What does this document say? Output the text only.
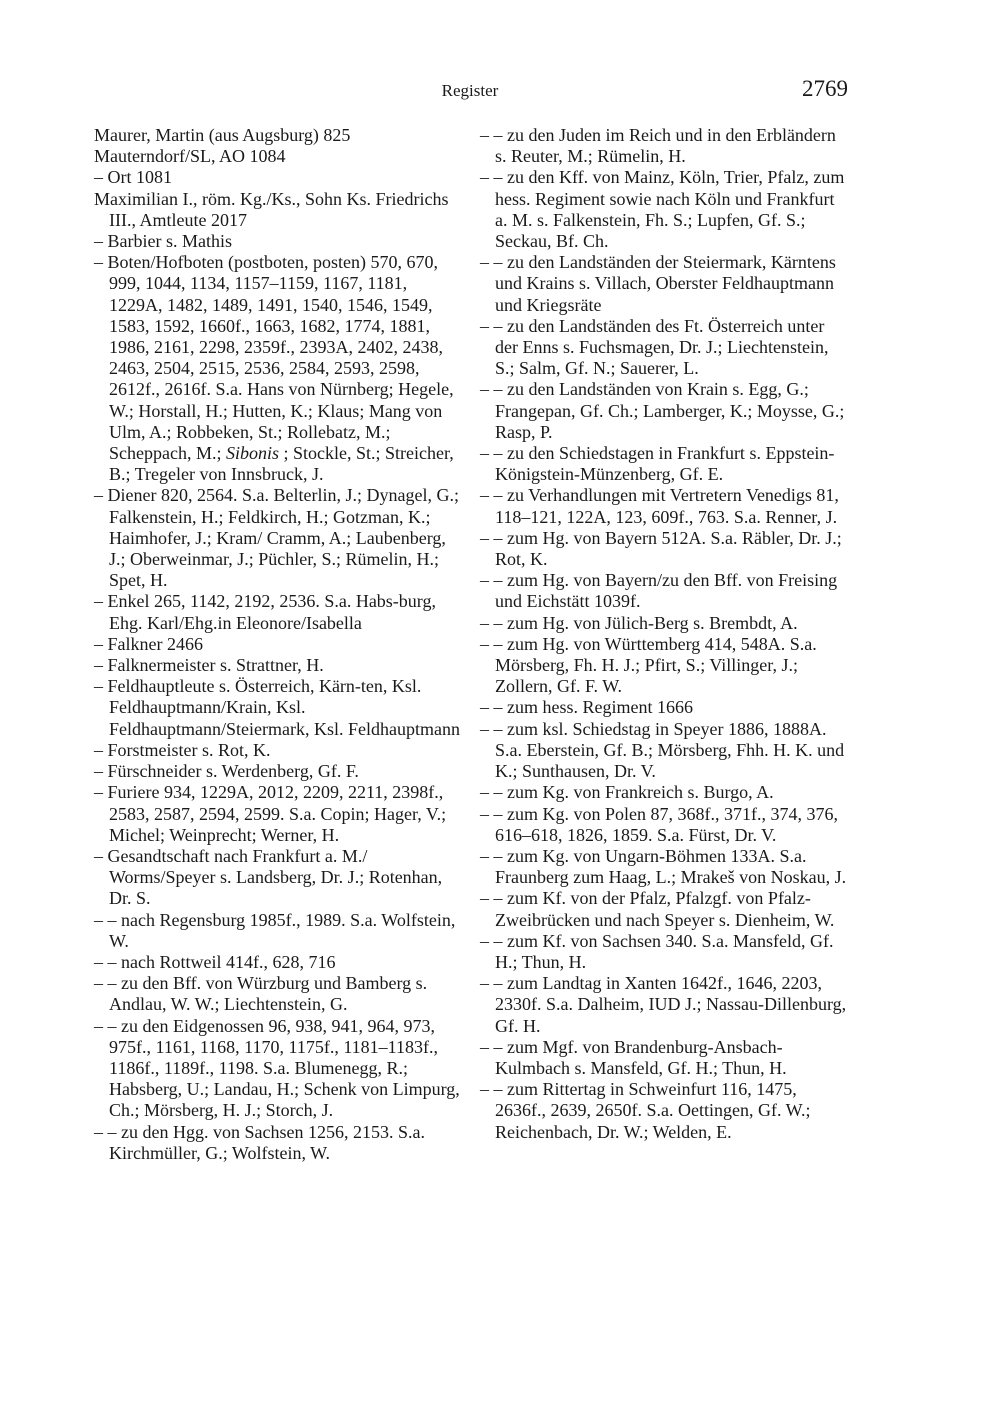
Register	2769
Maurer, Martin (aus Augsburg) 825
Mauterndorf/SL, AO 1084
– Ort 1081
Maximilian I., röm. Kg./Ks., Sohn Ks. Friedrichs III., Amtleute 2017
– Barbier s. Mathis
– Boten/Hofboten (postboten, posten) 570, 670, 999, 1044, 1134, 1157–1159, 1167, 1181, 1229A, 1482, 1489, 1491, 1540, 1546, 1549, 1583, 1592, 1660f., 1663, 1682, 1774, 1881, 1986, 2161, 2298, 2359f., 2393A, 2402, 2438, 2463, 2504, 2515, 2536, 2584, 2593, 2598, 2612f., 2616f. S.a. Hans von Nürnberg; Hegele, W.; Horstall, H.; Hutten, K.; Klaus; Mang von Ulm, A.; Robbeken, St.; Rollebatz, M.; Scheppach, M.; Sibonis ; Stockle, St.; Streicher, B.; Tregeler von Innsbruck, J.
– Diener 820, 2564. S.a. Belterlin, J.; Dynagel, G.; Falkenstein, H.; Feldkirch, H.; Gotzman, K.; Haimhofer, J.; Kram/ Cramm, A.; Laubenberg, J.; Oberweinmar, J.; Püchler, S.; Rümelin, H.; Spet, H.
– Enkel 265, 1142, 2192, 2536. S.a. Habs-burg, Ehg. Karl/Ehg.in Eleonore/Isabella
– Falkner 2466
– Falknermeister s. Strattner, H.
– Feldhauptleute s. Österreich, Kärn-ten, Ksl. Feldhauptmann/Krain, Ksl. Feldhauptmann/Steiermark, Ksl. Feldhauptmann
– Forstmeister s. Rot, K.
– Fürschneider s. Werdenberg, Gf. F.
– Furiere 934, 1229A, 2012, 2209, 2211, 2398f., 2583, 2587, 2594, 2599. S.a. Copin; Hager, V.; Michel; Weinprecht; Werner, H.
– Gesandtschaft nach Frankfurt a. M./ Worms/Speyer s. Landsberg, Dr. J.; Rotenhan, Dr. S.
– – nach Regensburg 1985f., 1989. S.a. Wolfstein, W.
– – nach Rottweil 414f., 628, 716
– – zu den Bff. von Würzburg und Bamberg s. Andlau, W. W.; Liechtenstein, G.
– – zu den Eidgenossen 96, 938, 941, 964, 973, 975f., 1161, 1168, 1170, 1175f., 1181–1183f., 1186f., 1189f., 1198. S.a. Blumenegg, R.; Habsberg, U.; Landau, H.; Schenk von Limpurg, Ch.; Mörsberg, H. J.; Storch, J.
– – zu den Hgg. von Sachsen 1256, 2153. S.a. Kirchmüller, G.; Wolfstein, W.
– – zu den Juden im Reich und in den Erbländern s. Reuter, M.; Rümelin, H.
– – zu den Kff. von Mainz, Köln, Trier, Pfalz, zum hess. Regiment sowie nach Köln und Frankfurt a. M. s. Falkenstein, Fh. S.; Lupfen, Gf. S.; Seckau, Bf. Ch.
– – zu den Landständen der Steiermark, Kärntens und Krains s. Villach, Oberster Feldhauptmann und Kriegsräte
– – zu den Landständen des Ft. Österreich unter der Enns s. Fuchsmagen, Dr. J.; Liechtenstein, S.; Salm, Gf. N.; Sauerer, L.
– – zu den Landständen von Krain s. Egg, G.; Frangepan, Gf. Ch.; Lamberger, K.; Moysse, G.; Rasp, P.
– – zu den Schiedstagen in Frankfurt s. Eppstein-Königstein-Münzenberg, Gf. E.
– – zu Verhandlungen mit Vertretern Venedigs 81, 118–121, 122A, 123, 609f., 763. S.a. Renner, J.
– – zum Hg. von Bayern 512A. S.a. Räbler, Dr. J.; Rot, K.
– – zum Hg. von Bayern/zu den Bff. von Freising und Eichstätt 1039f.
– – zum Hg. von Jülich-Berg s. Brembdt, A.
– – zum Hg. von Württemberg 414, 548A. S.a. Mörsberg, Fh. H. J.; Pfirt, S.; Villinger, J.; Zollern, Gf. F. W.
– – zum hess. Regiment 1666
– – zum ksl. Schiedstag in Speyer 1886, 1888A. S.a. Eberstein, Gf. B.; Mörsberg, Fhh. H. K. und K.; Sunthausen, Dr. V.
– – zum Kg. von Frankreich s. Burgo, A.
– – zum Kg. von Polen 87, 368f., 371f., 374, 376, 616–618, 1826, 1859. S.a. Fürst, Dr. V.
– – zum Kg. von Ungarn-Böhmen 133A. S.a. Fraunberg zum Haag, L.; Mrakeš von Noskau, J.
– – zum Kf. von der Pfalz, Pfalzgf. von Pfalz-Zweibrücken und nach Speyer s. Dienheim, W.
– – zum Kf. von Sachsen 340. S.a. Mansfeld, Gf. H.; Thun, H.
– – zum Landtag in Xanten 1642f., 1646, 2203, 2330f. S.a. Dalheim, IUD J.; Nassau-Dillenburg, Gf. H.
– – zum Mgf. von Brandenburg-Ansbach-Kulmbach s. Mansfeld, Gf. H.; Thun, H.
– – zum Rittertag in Schweinfurt 116, 1475, 2636f., 2639, 2650f. S.a. Oettingen, Gf. W.; Reichenbach, Dr. W.; Welden, E.
